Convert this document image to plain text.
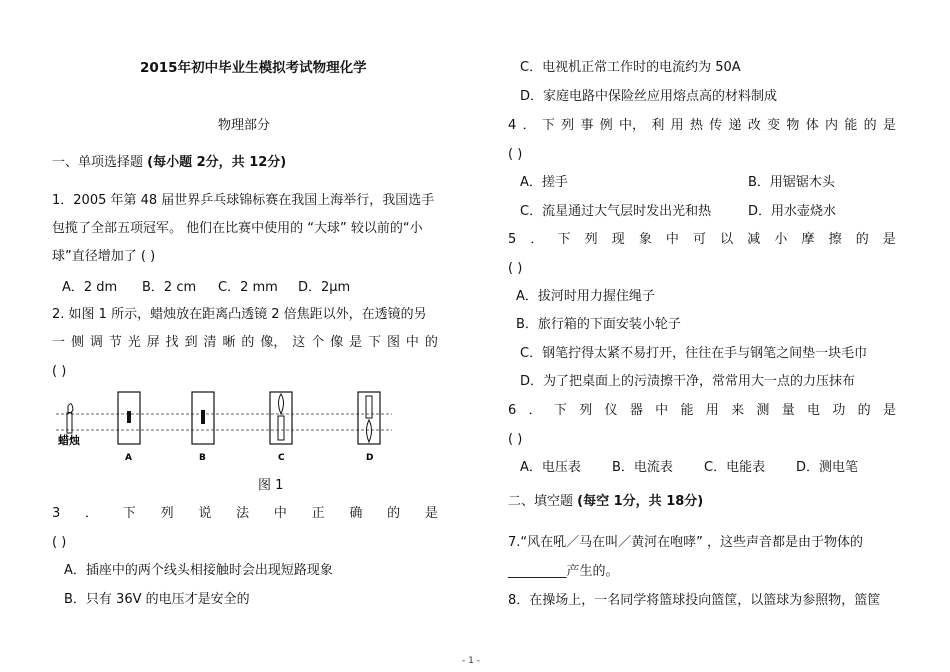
2015年初中毕业生模拟考试物理化学
物理部分
一、单项选择题 (每小题 2分，共 12分)
1．2005 年第 48 届世界乒乓球锦标赛在我国上海举行，我国选手
包揽了全部五项冠军。 他们在比赛中使用的 “大球” 较以前的“小
球”直径增加了 ( )
A．2 dm B．2 cm C．2 mm D．2μm
2. 如图 1 所示，蜡烛放在距离凸透镜 2 倍焦距以外，在透镜的另
一 侧 调 节 光 屏 找 到 清 晰 的 像， 这 个 像 是 下 图 中 的
( )
蜡烛
A	B	C	D
图 1
3 ． 下 列 说 法 中 正 确 的 是
( )
A．插座中的两个线头相接触时会出现短路现象
B．只有 36V 的电压才是安全的
C．电视机正常工作时的电流约为 50A
D．家庭电路中保险丝应用熔点高的材料制成
4 ． 下 列 事 例 中， 利 用 热 传 递 改 变 物 体 内 能 的 是
( )
A．搓手	B．用锯锯木头
C．流星通过大气层时发出光和热	D．用水壶烧水
5 ． 下 列 现 象 中 可 以 减 小 摩 擦 的 是
( )
A．拔河时用力握住绳子
B．旅行箱的下面安装小轮子
C．钢笔拧得太紧不易打开，往往在手与钢笔之间垫一块毛巾
D．为了把桌面上的污渍擦干净，常常用大一点的力压抹布
6 ． 下 列 仪 器 中 能 用 来 测 量 电 功 的 是
( )
A．电压表 B．电流表 C．电能表 D．测电笔
二、填空题 (每空 1分，共 18分)
7.“风在吼／马在叫／黄河在咆哮” ，这些声音都是由于物体的
_________产生的。
8．在操场上，一名同学将篮球投向篮筐，以篮球为参照物，篮筐
- 1 -
